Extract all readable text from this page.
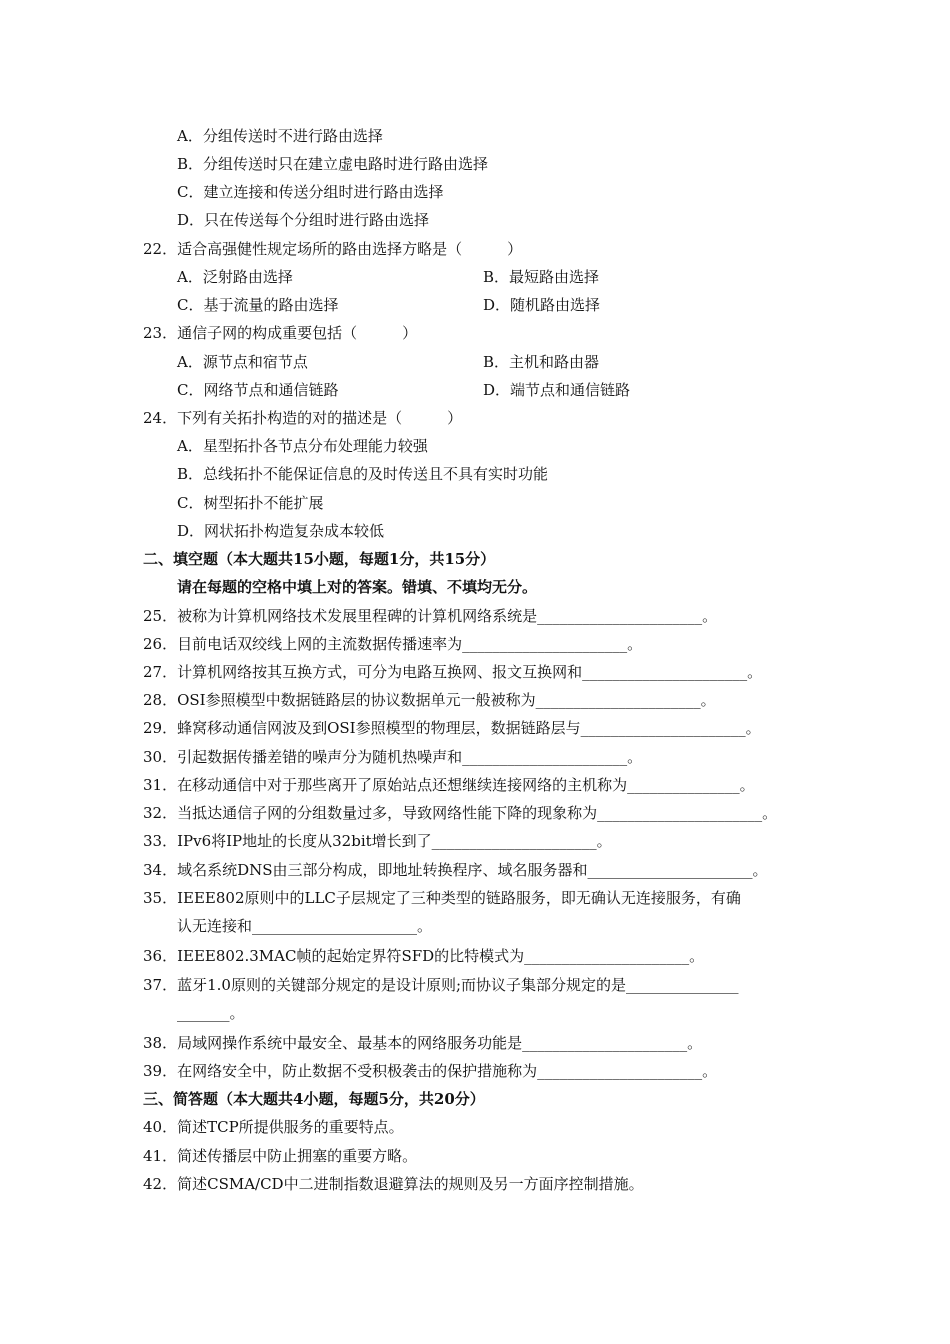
A．分组传送时不进行路由选择
B．分组传送时只在建立虚电路时进行路由选择
C．建立连接和传送分组时进行路由选择
D．只在传送每个分组时进行路由选择
22．适合高强健性规定场所的路由选择方略是（　　　）
A．泛射路由选择	B．最短路由选择
C．基于流量的路由选择	D．随机路由选择
23．通信子网的构成重要包括（　　　）
A．源节点和宿节点	B．主机和路由器
C．网络节点和通信链路	D．端节点和通信链路
24．下列有关拓扑构造的对的描述是（　　　）
A．星型拓扑各节点分布处理能力较强
B．总线拓扑不能保证信息的及时传送且不具有实时功能
C．树型拓扑不能扩展
D．网状拓扑构造复杂成本较低
二、填空题（本大题共15小题，每题1分，共15分）
请在每题的空格中填上对的答案。错填、不填均无分。
25．被称为计算机网络技术发展里程碑的计算机网络系统是______________________。
26．目前电话双绞线上网的主流数据传播速率为______________________。
27．计算机网络按其互换方式，可分为电路互换网、报文互换网和______________________。
28．OSI参照模型中数据链路层的协议数据单元一般被称为______________________。
29．蜂窝移动通信网波及到OSI参照模型的物理层，数据链路层与______________________。
30．引起数据传播差错的噪声分为随机热噪声和______________________。
31．在移动通信中对于那些离开了原始站点还想继续连接网络的主机称为_______________。
32．当抵达通信子网的分组数量过多，导致网络性能下降的现象称为______________________。
33．IPv6将IP地址的长度从32bit增长到了______________________。
34．域名系统DNS由三部分构成，即地址转换程序、域名服务器和______________________。
35．IEEE802原则中的LLC子层规定了三种类型的链路服务，即无确认无连接服务，有确
认无连接和______________________。
36．IEEE802.3MAC帧的起始定界符SFD的比特模式为______________________。
37．蓝牙1.0原则的关键部分规定的是设计原则;而协议子集部分规定的是_______________
_______。
38．局域网操作系统中最安全、最基本的网络服务功能是______________________。
39．在网络安全中，防止数据不受积极袭击的保护措施称为______________________。
三、简答题（本大题共4小题，每题5分，共20分）
40．简述TCP所提供服务的重要特点。
41．简述传播层中防止拥塞的重要方略。
42．简述CSMA/CD中二进制指数退避算法的规则及另一方面序控制措施。
